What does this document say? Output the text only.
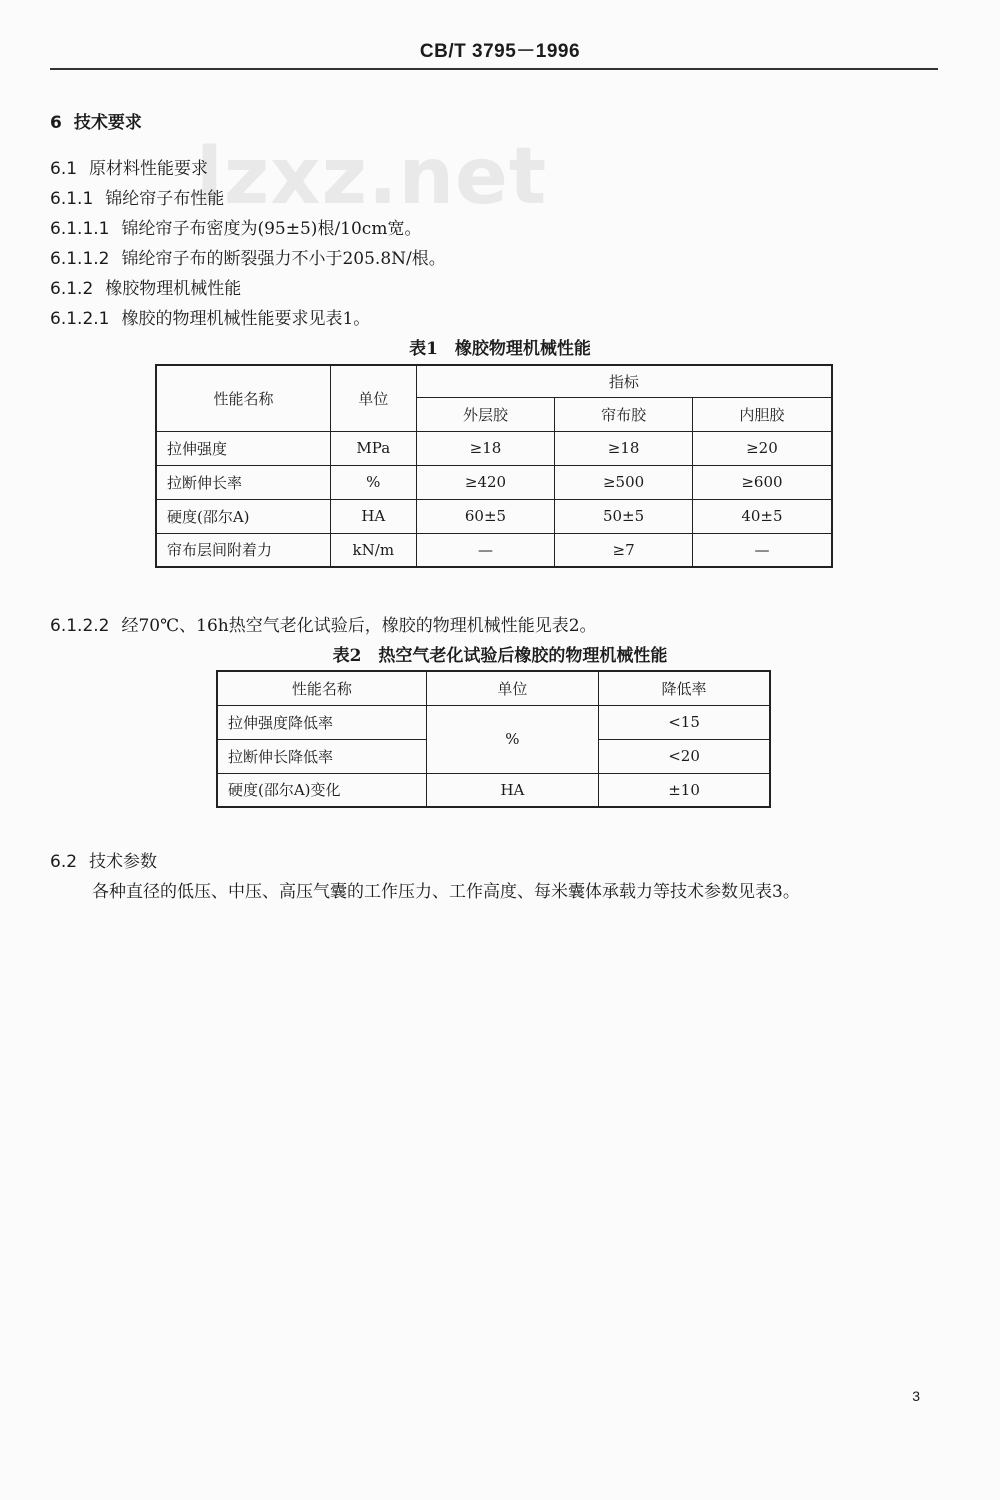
CB/T 3795－1996
lzxz.net
6 技术要求
6.1 原材料性能要求
6.1.1 锦纶帘子布性能
6.1.1.1 锦纶帘子布密度为(95±5)根/10cm宽。
6.1.1.2 锦纶帘子布的断裂强力不小于205.8N/根。
6.1.2 橡胶物理机械性能
6.1.2.1 橡胶的物理机械性能要求见表1。
表1　橡胶物理机械性能
性能名称	单位	指标		
		外层胶	帘布胶	内胆胶
拉伸强度	MPa	≥18	≥18	≥20
拉断伸长率	%	≥420	≥500	≥600
硬度(邵尔A)	HA	60±5	50±5	40±5
帘布层间附着力	kN/m	—	≥7	—
6.1.2.2 经70℃、16h热空气老化试验后，橡胶的物理机械性能见表2。
表2　热空气老化试验后橡胶的物理机械性能
性能名称	单位	降低率
拉伸强度降低率	%	<15
拉断伸长降低率		<20
硬度(邵尔A)变化	HA	±10
6.2 技术参数
各种直径的低压、中压、高压气囊的工作压力、工作高度、每米囊体承载力等技术参数见表3。
3
